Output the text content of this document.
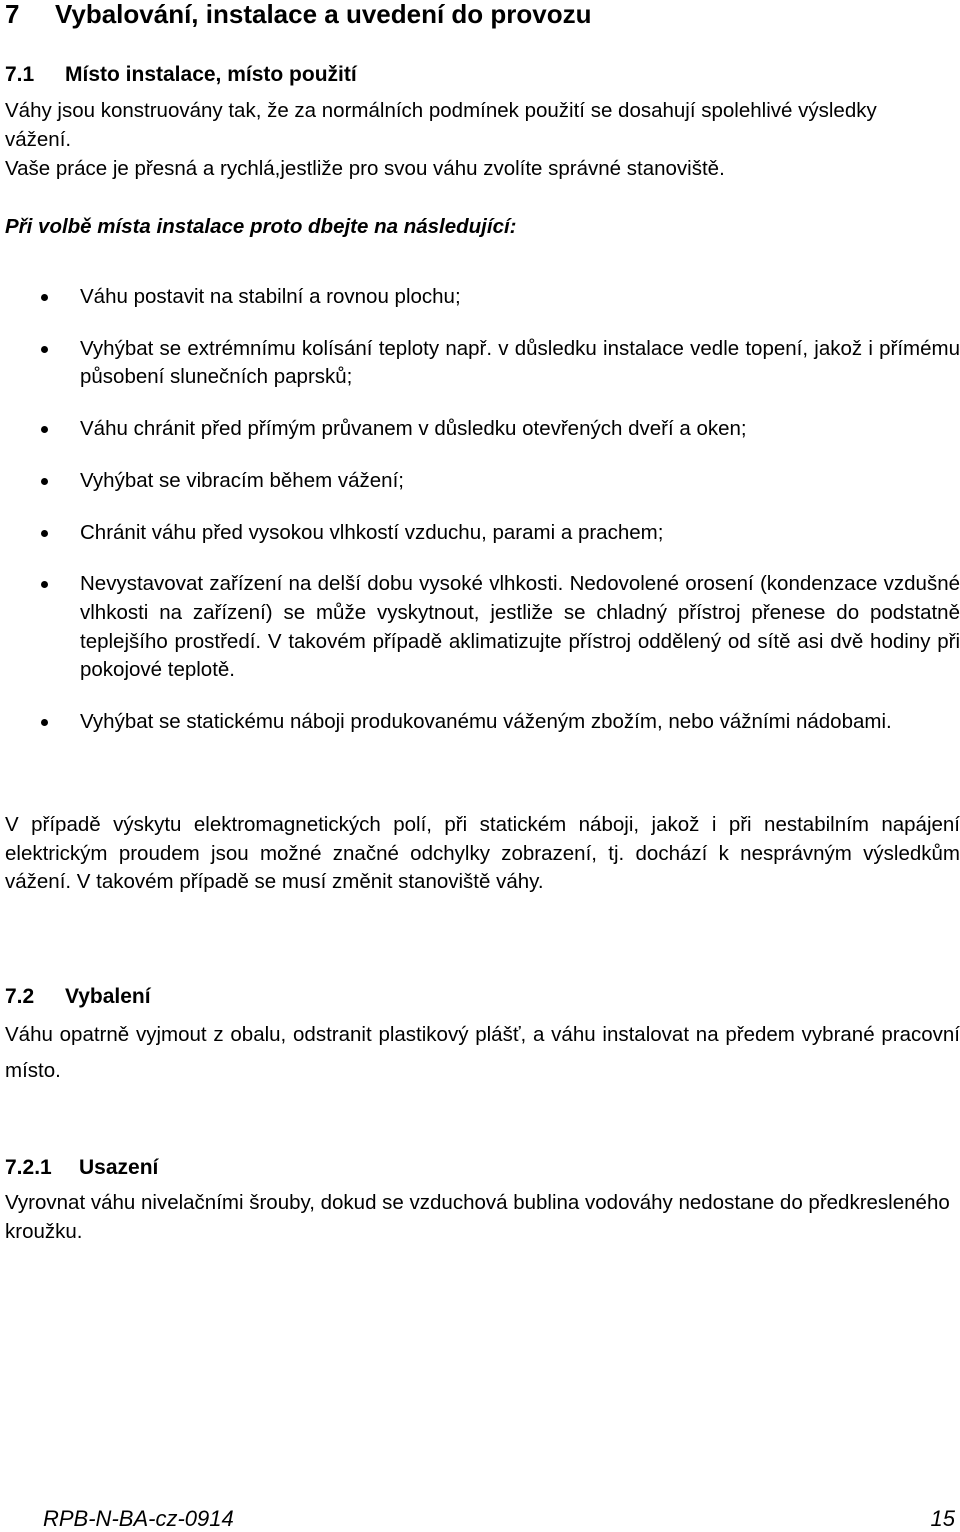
7 Vybalování, instalace a uvedení do provozu
7.1 Místo instalace, místo použití

Váhy jsou konstruovány tak, že za normálních podmínek použití se dosahují spolehlivé výsledky vážení.

Vaše práce je přesná a rychlá,jestliže pro svou váhu zvolíte správné stanoviště.

Při volbě místa instalace proto dbejte na následující:

Váhu postavit na stabilní a rovnou plochu;
Vyhýbat se extrémnímu kolísání teploty např. v důsledku instalace vedle topení, jakož i přímému působení slunečních paprsků;
Váhu chránit před přímým průvanem v důsledku otevřených dveří a oken;
Vyhýbat se vibracím během vážení;
Chránit váhu před vysokou vlhkostí vzduchu, parami a prachem;
Nevystavovat zařízení na delší dobu vysoké vlhkosti. Nedovolené orosení (kondenzace vzdušné vlhkosti na zařízení) se může vyskytnout, jestliže se chladný přístroj přenese do podstatně teplejšího prostředí. V takovém případě aklimatizujte přístroj oddělený od sítě asi dvě hodiny při pokojové teplotě.
Vyhýbat se statickému náboji produkovanému váženým zbožím, nebo vážními nádobami.

V případě výskytu elektromagnetických polí, při statickém náboji, jakož i při nestabilním napájení elektrickým proudem jsou možné značné odchylky zobrazení, tj. dochází k nesprávným výsledkům vážení. V takovém případě se musí změnit stanoviště váhy.

7.2 Vybalení

Váhu opatrně vyjmout z obalu, odstranit plastikový plášť, a váhu instalovat na předem vybrané pracovní místo.

7.2.1 Usazení

Vyrovnat váhu nivelačními šrouby, dokud se vzduchová bublina vodováhy nedostane do předkresleného kroužku.

RPB-N-BA-cz-0914	15
